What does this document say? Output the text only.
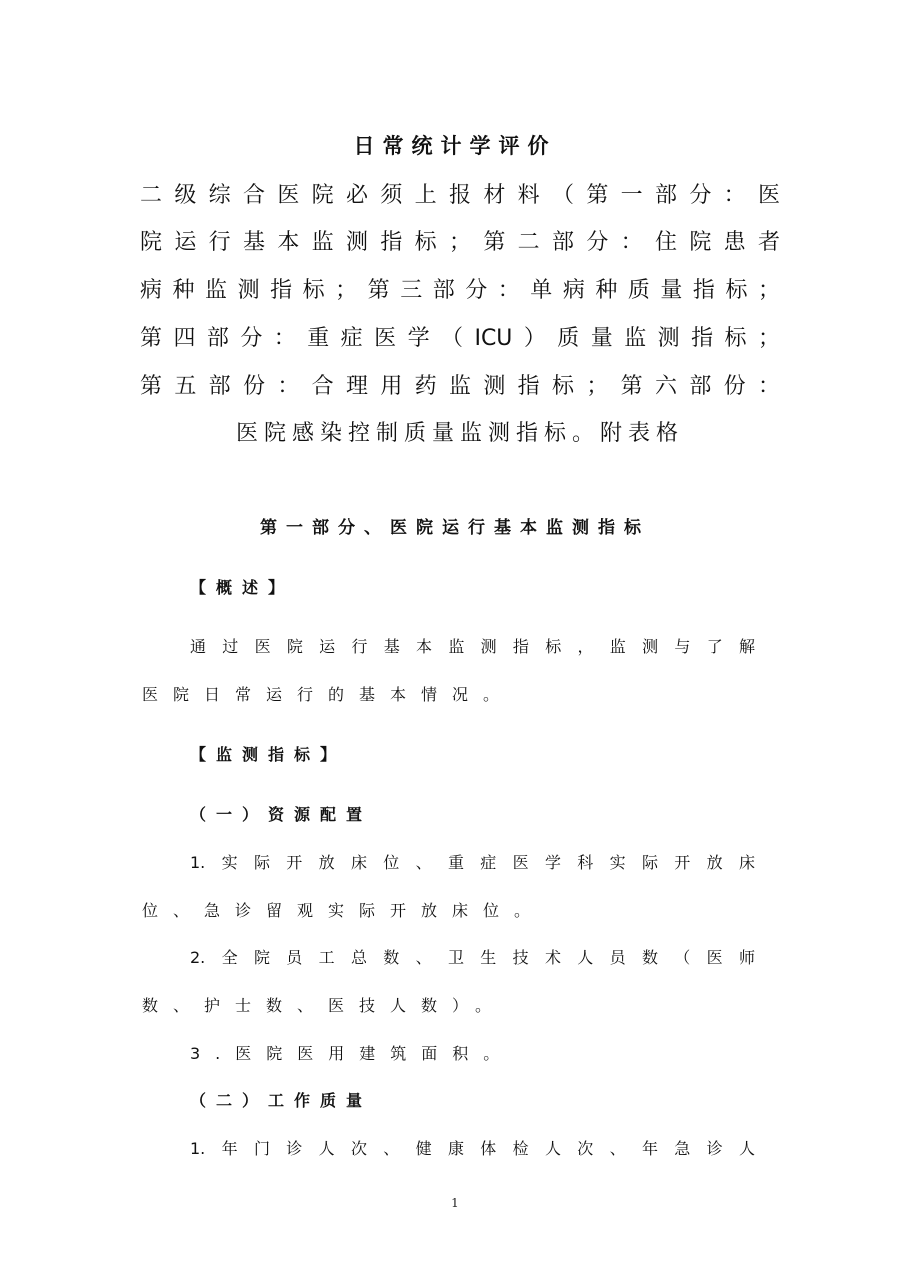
日常统计学评价
二级综合医院必须上报材料（第一部分：医
院运行基本监测指标；第二部分：住院患者
病种监测指标；第三部分：单病种质量指标；
第四部分：重症医学（ICU）质量监测指标；
第五部份：合理用药监测指标；第六部份：
医院感染控制质量监测指标。附表格
第一部分、医院运行基本监测指标
【概述】
通过医院运行基本监测指标，监测与了解
医院日常运行的基本情况。
【监测指标】
（一）资源配置
1.实际开放床位、重症医学科实际开放床
位、急诊留观实际开放床位。
2.全院员工总数、卫生技术人员数（医师
数、护士数、医技人数）。
3.医院医用建筑面积。
（二）工作质量
1.年门诊人次、健康体检人次、年急诊人
1
